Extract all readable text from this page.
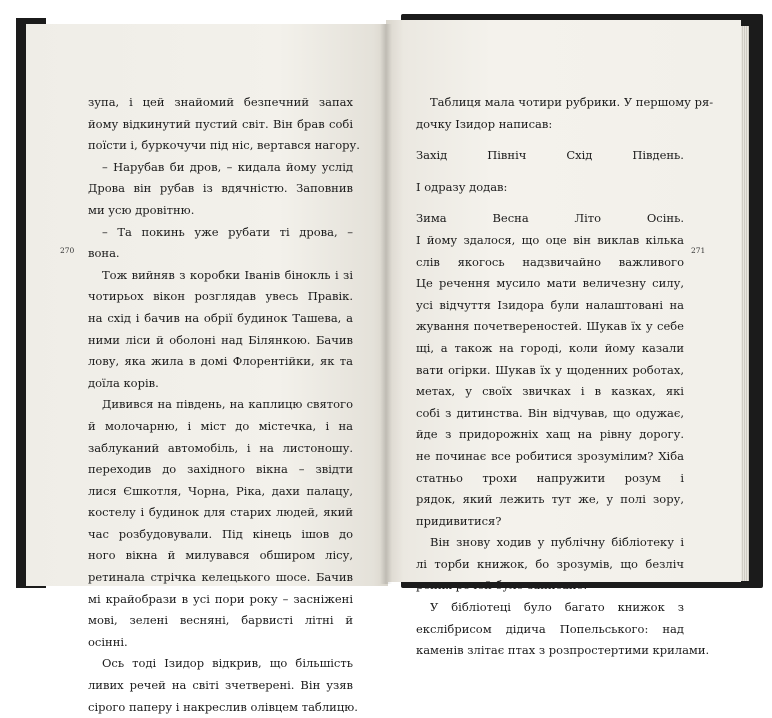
270	271
зупа, і цей знайомий безпечний запах
йому відкинутий пустий світ. Він брав собі
поїсти і, буркочучи під ніс, вертався нагору.
– Нарубав би дров, – кидала йому услід
Дрова він рубав із вдячністю. Заповнив
ми усю дровітню.
– Та покинь уже рубати ті дрова, –
вона.
Тож вийняв з коробки Іванів бінокль і зі
чотирьох вікон розглядав увесь Правік.
на схід і бачив на обрії будинок Ташева, а
ними ліси й оболоні над Білянкою. Бачив
лову, яка жила в домі Флорентійки, як та
доїла корів.
Дивився на південь, на каплицю святого
й молочарню, і міст до містечка, і на
заблуканий автомобіль, і на листоношу.
переходив до західного вікна – звідти
лися Єшкотля, Чорна, Ріка, дахи палацу,
костелу і будинок для старих людей, який
час розбудовували. Під кінець ішов до
ного вікна й милувався обширом лісу,
ретинала стрічка келецького шосе. Бачив
мі крайобрази в усі пори року – засніжені
мові, зелені весняні, барвисті літні й
осінні.
Ось тоді Ізидор відкрив, що більшість
ливих речей на світі зчетверені. Він узяв
сірого паперу і накреслив олівцем таблицю.
Таблиця мала чотири рубрики. У першому ря-
дочку Ізидор написав:
Захід	Північ	Схід	Південь.
І одразу додав:
Зима	Весна	Літо	Осінь.
І йому здалося, що оце він виклав кілька
слів якогось надзвичайно важливого
Це речення мусило мати величезну силу,
усі відчуття Ізидора були налаштовані на
жування почетвереностей. Шукав їх у себе
щі, а також на городі, коли йому казали
вати огірки. Шукав їх у щоденних роботах,
метах, у своїх звичках і в казках, які
собі з дитинства. Він відчував, що одужає,
йде з придорожніх хащ на рівну дорогу.
не починає все робитися зрозумілим? Хіба
статньо трохи напружити розум і
рядок, який лежить тут же, у полі зору,
придивитися?
Він знову ходив у публічну бібліотеку і
лі торби книжок, бо зрозумів, що безліч
рених речей було записано.
У бібліотеці було багато книжок з
екслібрисом дідича Попельського: над
каменів злітає птах з розпростертими крилами.
